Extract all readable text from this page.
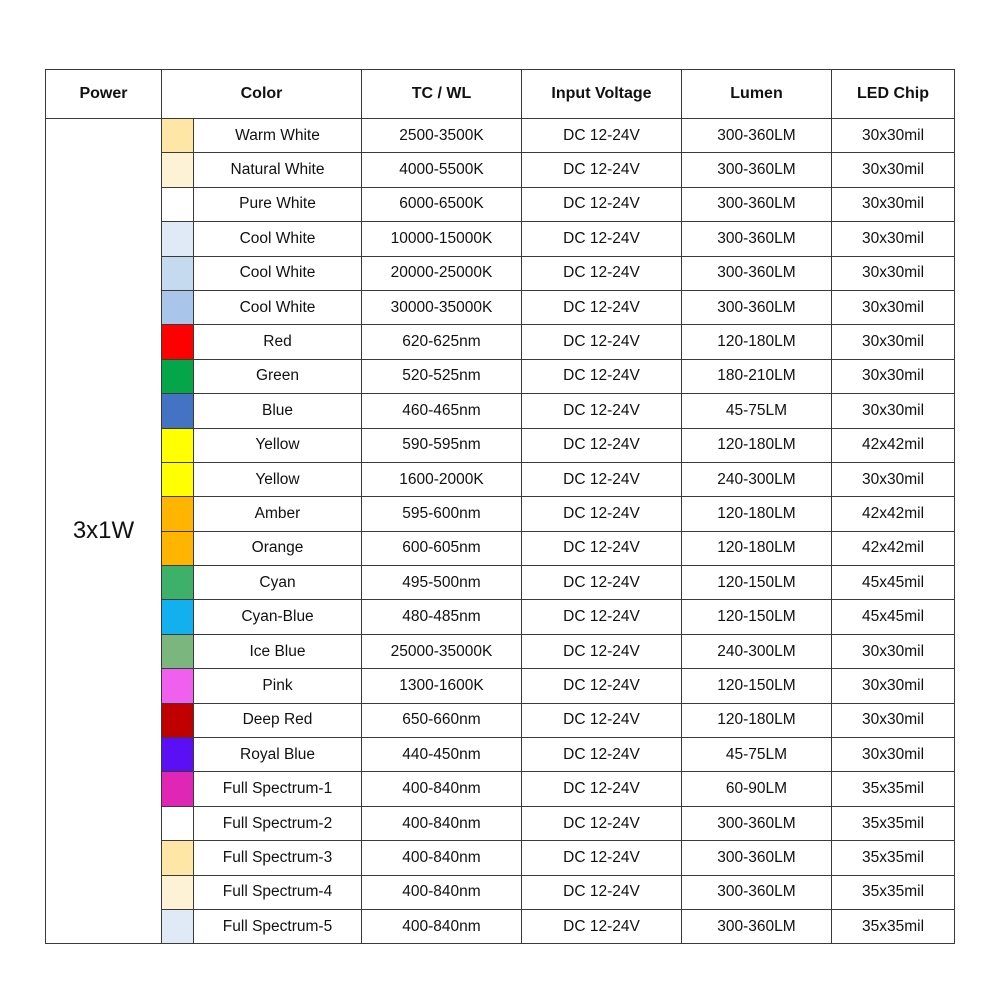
Power	Color		TC / WL	Input Voltage	Lumen	LED Chip
3x1W		Warm White	2500-3500K	DC 12-24V	300-360LM	30x30mil

		Natural White	4000-5500K	DC 12-24V	300-360LM	30x30mil

		Pure White	6000-6500K	DC 12-24V	300-360LM	30x30mil

		Cool White	10000-15000K	DC 12-24V	300-360LM	30x30mil

		Cool White	20000-25000K	DC 12-24V	300-360LM	30x30mil

		Cool White	30000-35000K	DC 12-24V	300-360LM	30x30mil

		Red	620-625nm	DC 12-24V	120-180LM	30x30mil

		Green	520-525nm	DC 12-24V	180-210LM	30x30mil

		Blue	460-465nm	DC 12-24V	45-75LM	30x30mil

		Yellow	590-595nm	DC 12-24V	120-180LM	42x42mil

		Yellow	1600-2000K	DC 12-24V	240-300LM	30x30mil

		Amber	595-600nm	DC 12-24V	120-180LM	42x42mil

		Orange	600-605nm	DC 12-24V	120-180LM	42x42mil

		Cyan	495-500nm	DC 12-24V	120-150LM	45x45mil

		Cyan-Blue	480-485nm	DC 12-24V	120-150LM	45x45mil

		Ice Blue	25000-35000K	DC 12-24V	240-300LM	30x30mil

		Pink	1300-1600K	DC 12-24V	120-150LM	30x30mil

		Deep Red	650-660nm	DC 12-24V	120-180LM	30x30mil

		Royal Blue	440-450nm	DC 12-24V	45-75LM	30x30mil

		Full Spectrum-1	400-840nm	DC 12-24V	60-90LM	35x35mil

		Full Spectrum-2	400-840nm	DC 12-24V	300-360LM	35x35mil

		Full Spectrum-3	400-840nm	DC 12-24V	300-360LM	35x35mil

		Full Spectrum-4	400-840nm	DC 12-24V	300-360LM	35x35mil

		Full Spectrum-5	400-840nm	DC 12-24V	300-360LM	35x35mil
